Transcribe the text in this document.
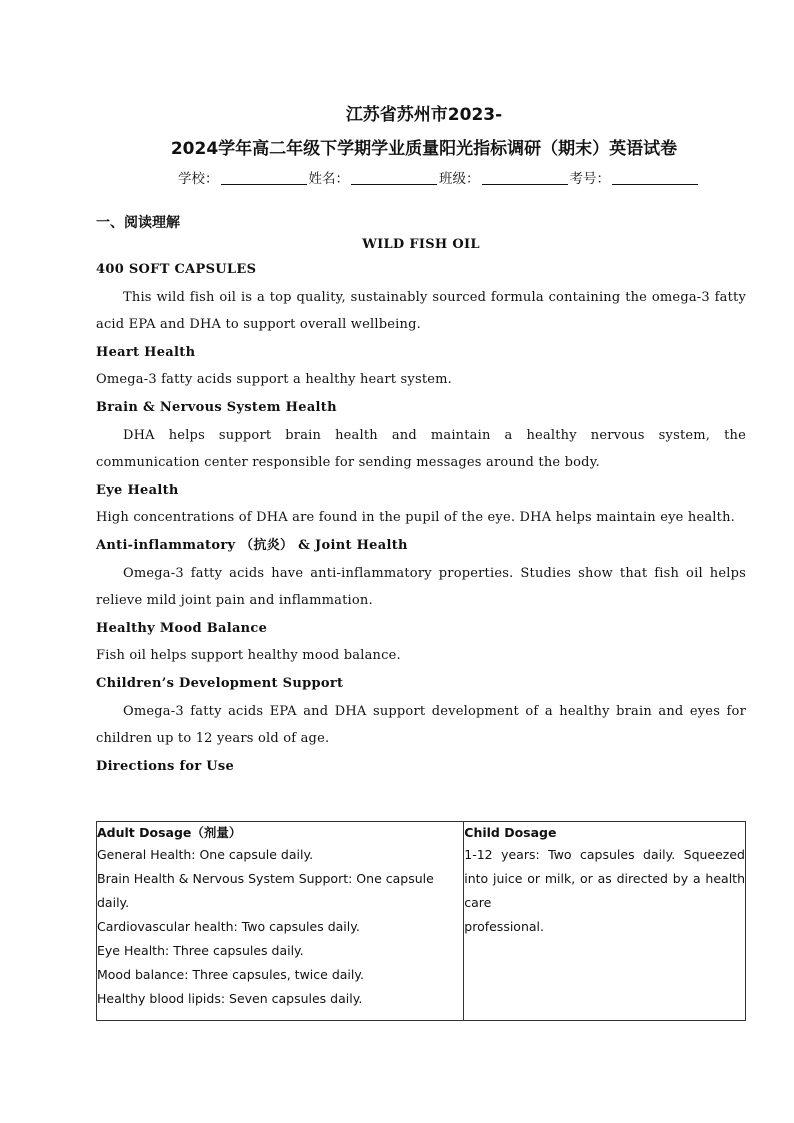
江苏省苏州市2023-
2024学年高二年级下学期学业质量阳光指标调研（期末）英语试卷
学校：	姓名：	班级：	考号：
一、阅读理解
WILD FISH OIL
400 SOFT CAPSULES
This wild fish oil is a top quality, sustainably sourced formula containing the omega-3 fatty acid EPA and DHA to support overall wellbeing.
Heart Health
Omega-3 fatty acids support a healthy heart system.
Brain & Nervous System Health
DHA helps support brain health and maintain a healthy nervous system, the communication center responsible for sending messages around the body.
Eye Health
High concentrations of DHA are found in the pupil of the eye. DHA helps maintain eye health.
Anti-inflammatory （抗炎） & Joint Health
Omega-3 fatty acids have anti-inflammatory properties. Studies show that fish oil helps relieve mild joint pain and inflammation.
Healthy Mood Balance
Fish oil helps support healthy mood balance.
Children’s Development Support
Omega-3 fatty acids EPA and DHA support development of a healthy brain and eyes for children up to 12 years old of age.
Directions for Use
Adult Dosage（剂量）
General Health: One capsule daily.
Brain Health & Nervous System Support: One capsule daily.
Cardiovascular health: Two capsules daily.
Eye Health: Three capsules daily.
Mood balance: Three capsules, twice daily.
Healthy blood lipids: Seven capsules daily.

Child Dosage
1-12 years: Two capsules daily. Squeezed into juice or milk, or as directed by a health care
professional.
